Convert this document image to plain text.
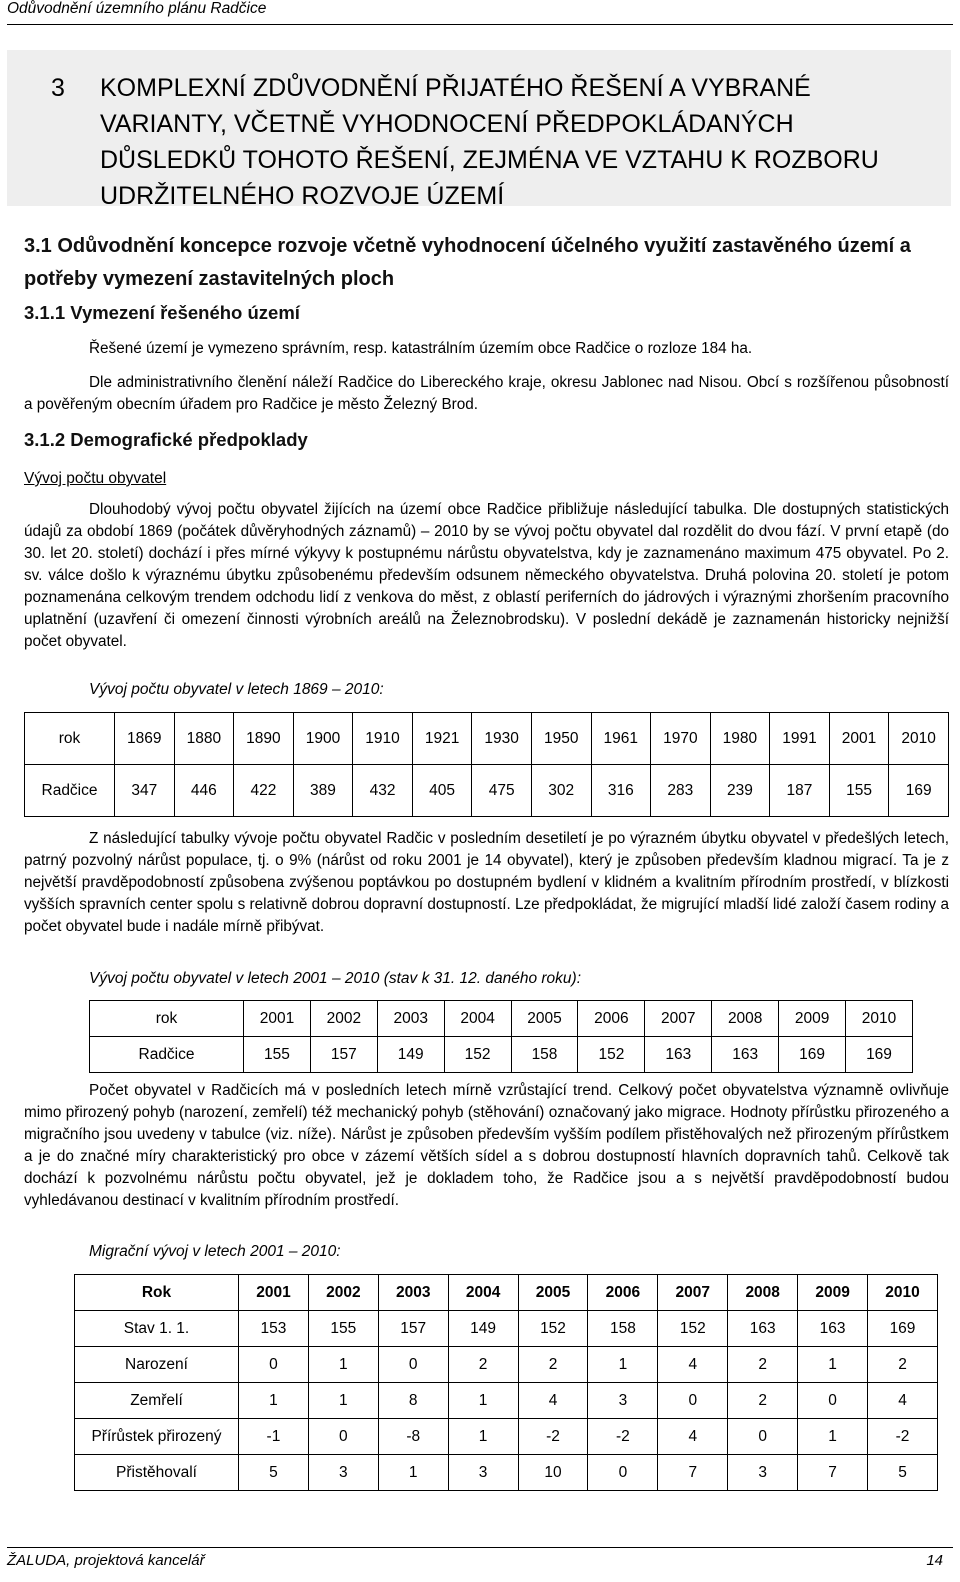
Odůvodnění územního plánu Radčice
3 KOMPLEXNÍ ZDŮVODNĚNÍ PŘIJATÉHO ŘEŠENÍ A VYBRANÉ VARIANTY, VČETNĚ VYHODNOCENÍ PŘEDPOKLÁDANÝCH DŮSLEDKŮ TOHOTO ŘEŠENÍ, ZEJMÉNA VE VZTAHU K ROZBORU UDRŽITELNÉHO ROZVOJE ÚZEMÍ
3.1 Odůvodnění koncepce rozvoje včetně vyhodnocení účelného využití zastavěného území a potřeby vymezení zastavitelných ploch
3.1.1 Vymezení řešeného území
Řešené území je vymezeno správním, resp. katastrálním územím obce Radčice o rozloze 184 ha.
Dle administrativního členění náleží Radčice do Libereckého kraje, okresu Jablonec nad Nisou. Obcí s rozšířenou působností a pověřeným obecním úřadem pro Radčice je město Železný Brod.
3.1.2 Demografické předpoklady
Vývoj počtu obyvatel
Dlouhodobý vývoj počtu obyvatel žijících na území obce Radčice přibližuje následující tabulka. Dle dostupných statistických údajů za období 1869 (počátek důvěryhodných záznamů) – 2010 by se vývoj počtu obyvatel dal rozdělit do dvou fází. V první etapě (do 30. let 20. století) dochází i přes mírné výkyvy k postupnému nárůstu obyvatelstva, kdy je zaznamenáno maximum 475 obyvatel. Po 2. sv. válce došlo k výraznému úbytku způsobenému především odsunem německého obyvatelstva. Druhá polovina 20. století je potom poznamenána celkovým trendem odchodu lidí z venkova do měst, z oblastí periferních do jádrových i výraznými zhoršením pracovního uplatnění (uzavření či omezení činnosti výrobních areálů na Železnobrodsku). V poslední dekádě je zaznamenán historicky nejnižší počet obyvatel.
Vývoj počtu obyvatel v letech 1869 – 2010:
rok	1869	1880	1890	1900	1910	1921	1930	1950	1961	1970	1980	1991	2001	2010
Radčice	347	446	422	389	432	405	475	302	316	283	239	187	155	169
Z následující tabulky vývoje počtu obyvatel Radčic v posledním desetiletí je po výrazném úbytku obyvatel v předešlých letech, patrný pozvolný nárůst populace, tj. o 9% (nárůst od roku 2001 je 14 obyvatel), který je způsoben především kladnou migrací. Ta je z největší pravděpodobností způsobena zvýšenou poptávkou po dostupném bydlení v klidném a kvalitním přírodním prostředí, v blízkosti vyšších spravních center spolu s relativně dobrou dopravní dostupností. Lze předpokládat, že migrující mladší lidé založí časem rodiny a počet obyvatel bude i nadále mírně přibývat.
Vývoj počtu obyvatel v letech 2001 – 2010 (stav k 31. 12. daného roku):
rok	2001	2002	2003	2004	2005	2006	2007	2008	2009	2010
Radčice	155	157	149	152	158	152	163	163	169	169
Počet obyvatel v Radčicích má v posledních letech mírně vzrůstající trend. Celkový počet obyvatelstva významně ovlivňuje mimo přirozený pohyb (narození, zemřelí) též mechanický pohyb (stěhování) označovaný jako migrace. Hodnoty přírůstku přirozeného a migračního jsou uvedeny v tabulce (viz. níže). Nárůst je způsoben především vyšším podílem přistěhovalých než přirozeným přírůstkem a je do značné míry charakteristický pro obce v zázemí větších sídel a s dobrou dostupností hlavních dopravních tahů. Celkově tak dochází k pozvolnému nárůstu počtu obyvatel, jež je dokladem toho, že Radčice jsou a s největší pravděpodobností budou vyhledávanou destinací v kvalitním přírodním prostředí.
Migrační vývoj v letech 2001 – 2010:
Rok	2001	2002	2003	2004	2005	2006	2007	2008	2009	2010
Stav 1. 1.	153	155	157	149	152	158	152	163	163	169
Narození	0	1	0	2	2	1	4	2	1	2
Zemřelí	1	1	8	1	4	3	0	2	0	4
Přírůstek přirozený	-1	0	-8	1	-2	-2	4	0	1	-2
Přistěhovalí	5	3	1	3	10	0	7	3	7	5
ŽALUDA, projektová kancelář	14
